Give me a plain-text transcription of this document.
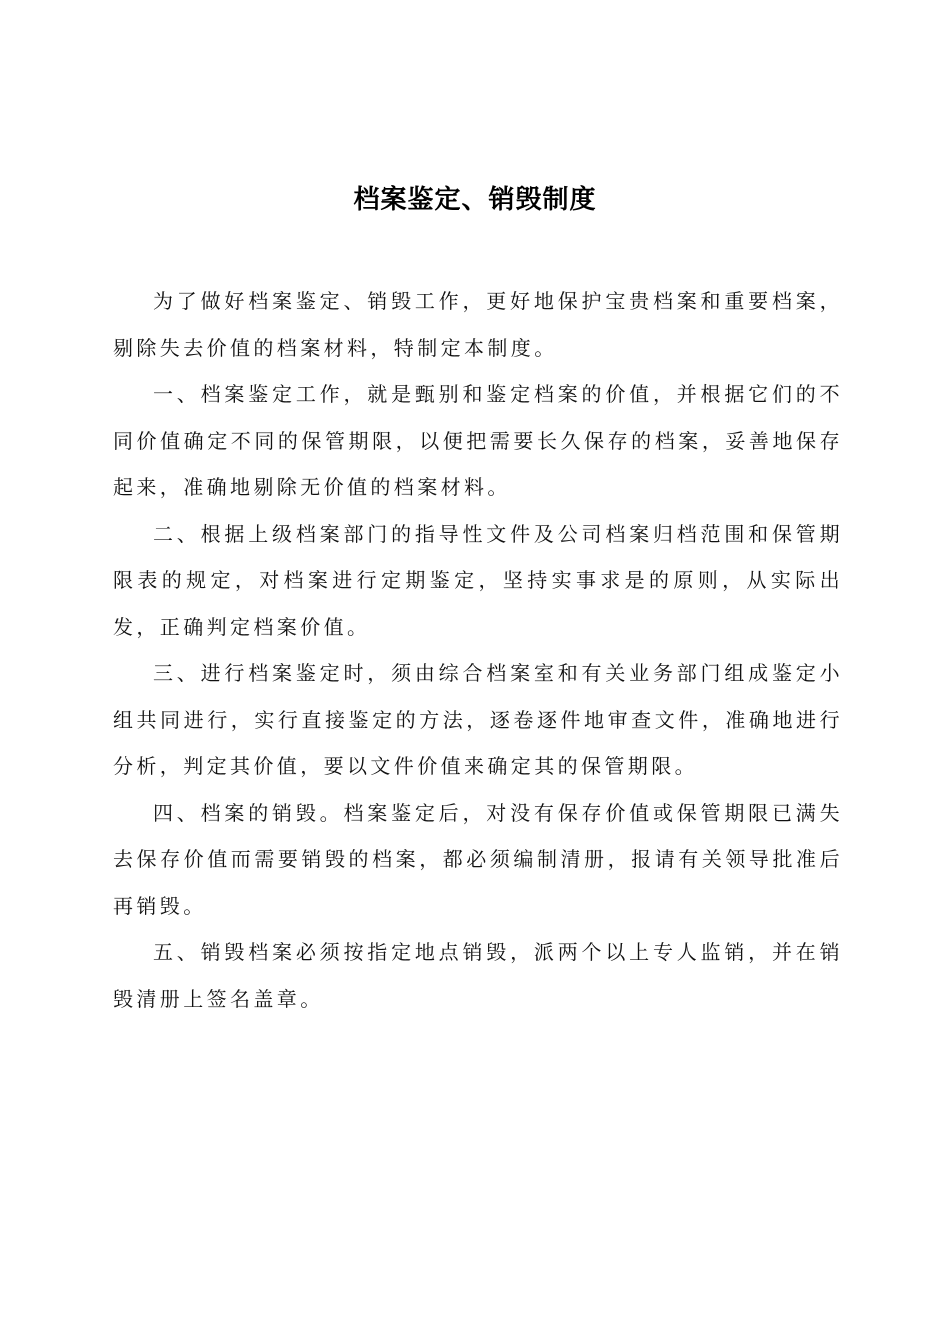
档案鉴定、销毁制度

为了做好档案鉴定、销毁工作，更好地保护宝贵档案和重要档案，剔除失去价值的档案材料，特制定本制度。

一、档案鉴定工作，就是甄别和鉴定档案的价值，并根据它们的不同价值确定不同的保管期限，以便把需要长久保存的档案，妥善地保存起来，准确地剔除无价值的档案材料。

二、根据上级档案部门的指导性文件及公司档案归档范围和保管期限表的规定，对档案进行定期鉴定，坚持实事求是的原则，从实际出发，正确判定档案价值。

三、进行档案鉴定时，须由综合档案室和有关业务部门组成鉴定小组共同进行，实行直接鉴定的方法，逐卷逐件地审查文件，准确地进行分析，判定其价值，要以文件价值来确定其的保管期限。

四、档案的销毁。档案鉴定后，对没有保存价值或保管期限已满失去保存价值而需要销毁的档案，都必须编制清册，报请有关领导批准后再销毁。

五、销毁档案必须按指定地点销毁，派两个以上专人监销，并在销毁清册上签名盖章。
